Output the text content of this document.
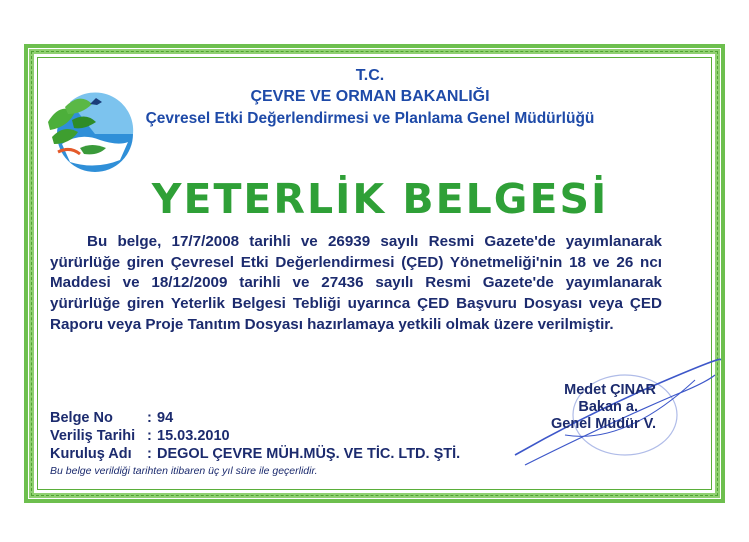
T.C.
ÇEVRE VE ORMAN BAKANLIĞI
Çevresel Etki Değerlendirmesi ve Planlama Genel Müdürlüğü
YETERLİK BELGESİ
Bu belge, 17/7/2008 tarihli ve 26939 sayılı Resmi Gazete'de yayımlanarak yürürlüğe giren Çevresel Etki Değerlendirmesi (ÇED) Yönetmeliği'nin 18 ve 26 ncı Maddesi ve 18/12/2009 tarihli ve 27436 sayılı Resmi Gazete'de yayımlanarak yürürlüğe giren Yeterlik Belgesi Tebliği uyarınca ÇED Başvuru Dosyası veya ÇED Raporu veya Proje Tanıtım Dosyası hazırlamaya yetkili olmak üzere verilmiştir.
Medet ÇINAR
Bakan a.
Genel Müdür V.
Belge No : 94
Veriliş Tarihi : 15.03.2010
Kuruluş Adı : DEGOL ÇEVRE MÜH.MÜŞ. VE TİC. LTD. ŞTİ.
Bu belge verildiği tarihten itibaren üç yıl süre ile geçerlidir.
